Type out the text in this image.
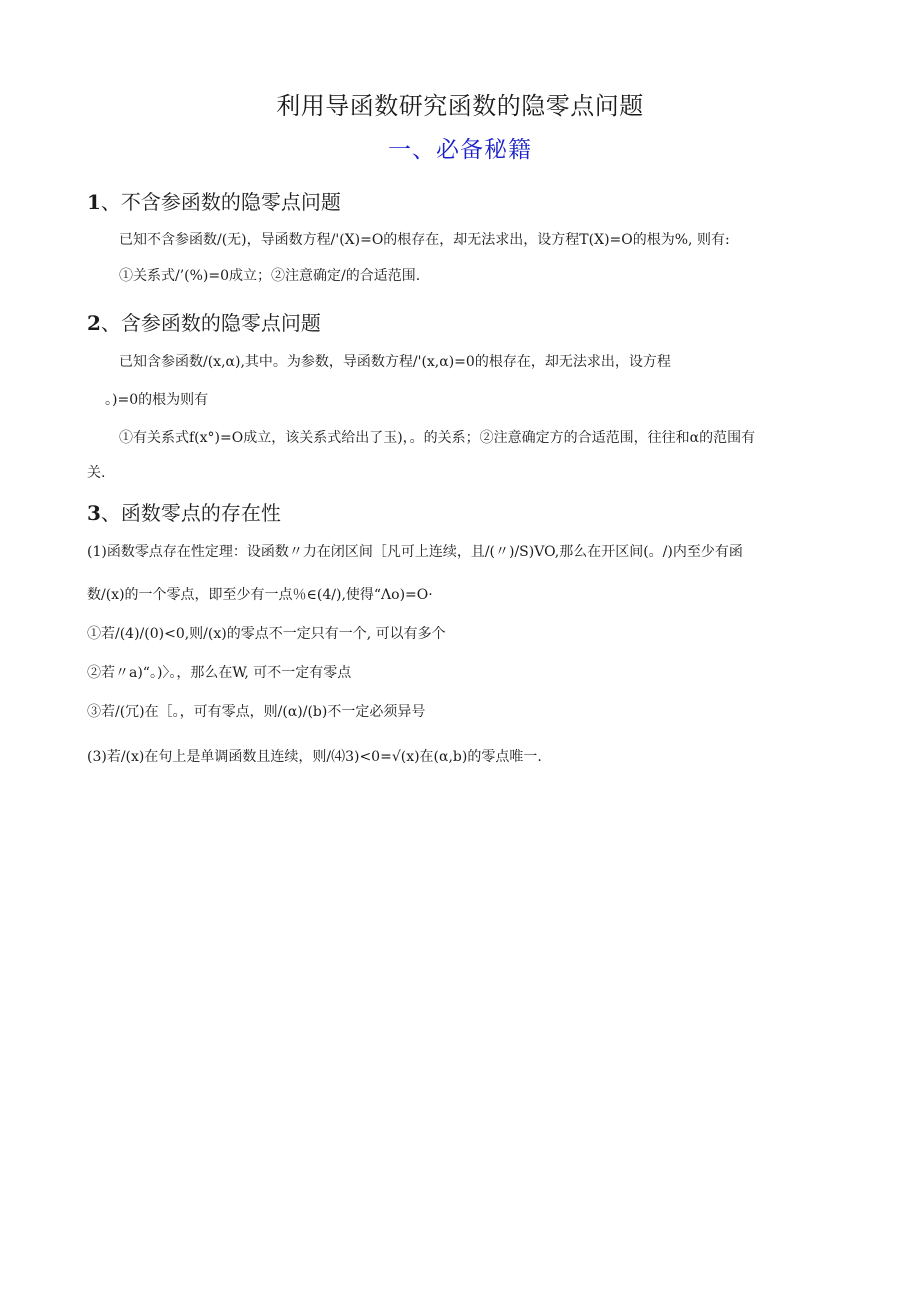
利用导函数研究函数的隐零点问题
一、必备秘籍
1、不含参函数的隐零点问题
已知不含参函数/(无)，导函数方程/'(X)=O的根存在，却无法求出，设方程T(X)=O的根为%, 则有:
①关系式/’(%)=0成立；②注意确定/的合适范围.
2、含参函数的隐零点问题
已知含参函数/(x,α),其中。为参数，导函数方程/'(x,α)=0的根存在，却无法求出，设方程
。)=0的根为则有
①有关系式f(x°)=O成立，该关系式给出了玉)，。的关系；②注意确定方的合适范围，往往和α的范围有
关.
3、函数零点的存在性
(1)函数零点存在性定理：设函数〃力在闭区间［凡可上连续，且/(〃)/S)VO,那么在开区间(。/)内至少有函
数/(x)的一个零点，即至少有一点％∈(4∕),使得“Λo)=O·
①若/(4)/(0)<0,则/(x)的零点不一定只有一个, 可以有多个
②若〃a)“。)〉。，那么在W, 可不一定有零点
③若/(冗)在［。，可有零点，则/(α)/(b)不一定必须异号
(3)若/(x)在句上是单调函数且连续，则/⑷3)<0=√(x)在(α,b)的零点唯一.
